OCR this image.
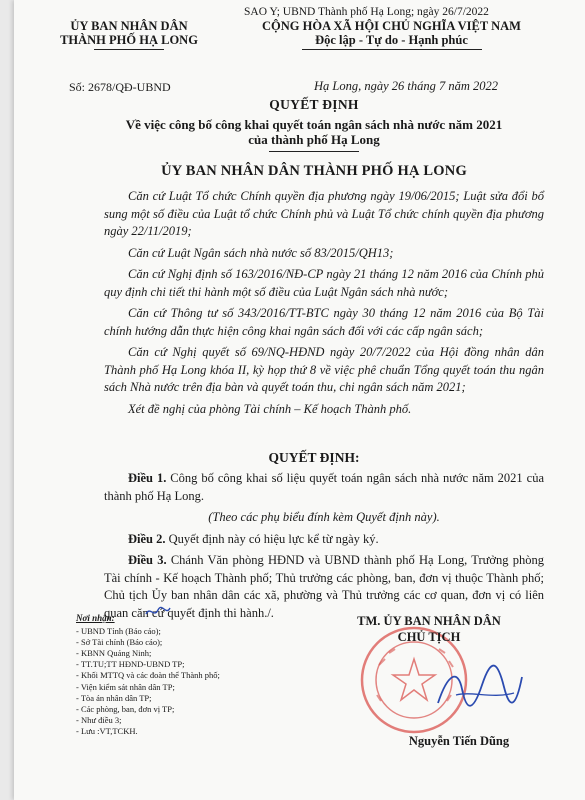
SAO Y; UBND Thành phố Hạ Long; ngày 26/7/2022
ỦY BAN NHÂN DÂN
THÀNH PHỐ HẠ LONG
CỘNG HÒA XÃ HỘI CHỦ NGHĨA VIỆT NAM
Độc lập - Tự do - Hạnh phúc
Số: 2678/QĐ-UBND	Hạ Long, ngày 26 tháng 7 năm 2022
QUYẾT ĐỊNH
Về việc công bố công khai quyết toán ngân sách nhà nước năm 2021
của thành phố Hạ Long
ỦY BAN NHÂN DÂN THÀNH PHỐ HẠ LONG

Căn cứ Luật Tổ chức Chính quyền địa phương ngày 19/06/2015; Luật sửa đổi bổ sung một số điều của Luật tổ chức Chính phủ và Luật Tổ chức chính quyền địa phương ngày 22/11/2019;

Căn cứ Luật Ngân sách nhà nước số 83/2015/QH13;

Căn cứ Nghị định số 163/2016/NĐ-CP ngày 21 tháng 12 năm 2016 của Chính phủ quy định chi tiết thi hành một số điều của Luật Ngân sách nhà nước;

Căn cứ Thông tư số 343/2016/TT-BTC ngày 30 tháng 12 năm 2016 của Bộ Tài chính hướng dẫn thực hiện công khai ngân sách đối với các cấp ngân sách;

Căn cứ Nghị quyết số 69/NQ-HĐND ngày 20/7/2022 của Hội đồng nhân dân Thành phố Hạ Long khóa II, kỳ họp thứ 8 về việc phê chuẩn Tổng quyết toán thu ngân sách Nhà nước trên địa bàn và quyết toán thu, chi ngân sách năm 2021;

Xét đề nghị của phòng Tài chính – Kế hoạch Thành phố.

QUYẾT ĐỊNH:

Điều 1. Công bố công khai số liệu quyết toán ngân sách nhà nước năm 2021 của thành phố Hạ Long.

(Theo các phụ biểu đính kèm Quyết định này).

Điều 2. Quyết định này có hiệu lực kể từ ngày ký.

Điều 3. Chánh Văn phòng HĐND và UBND thành phố Hạ Long, Trưởng phòng Tài chính - Kế hoạch Thành phố; Thủ trưởng các phòng, ban, đơn vị thuộc Thành phố; Chủ tịch Ủy ban nhân dân các xã, phường và Thủ trưởng các cơ quan, đơn vị có liên quan căn cứ quyết định thi hành./.

Nơi nhận:
- UBND Tỉnh (Báo cáo);
- Sở Tài chính (Báo cáo);
- KBNN Quảng Ninh;
- TT.TU;TT HĐND-UBND TP;
- Khối MTTQ và các đoàn thể Thành phố;
- Viện kiểm sát nhân dân TP;
- Tòa án nhân dân TP;
- Các phòng, ban, đơn vị TP;
- Như điều 3;
- Lưu :VT,TCKH.
TM. ỦY BAN NHÂN DÂN
CHỦ TỊCH
Nguyễn Tiến Dũng
